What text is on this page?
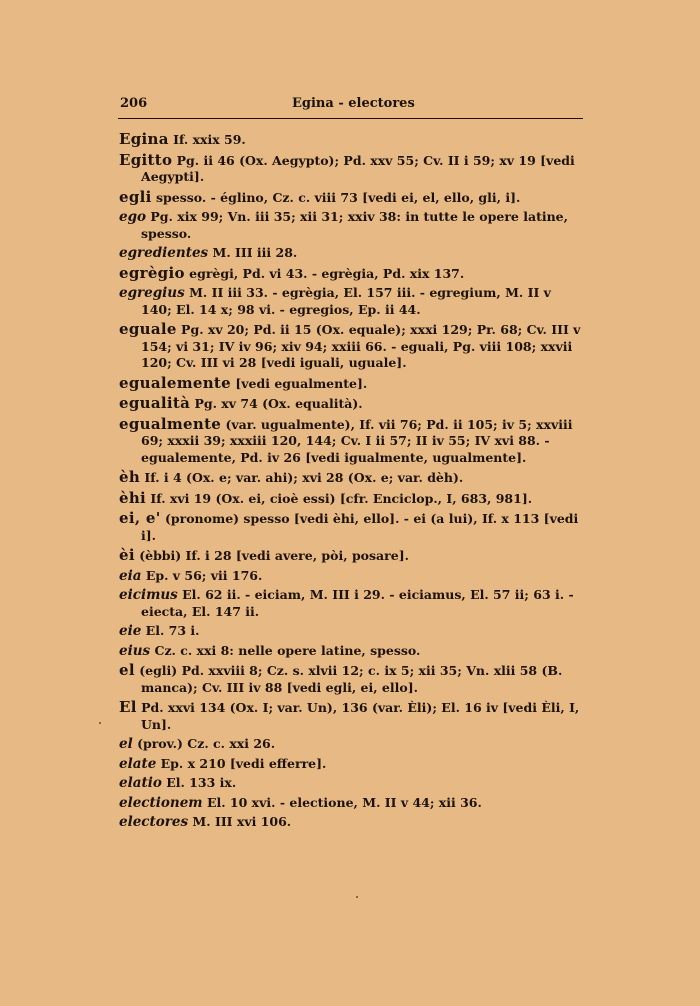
206	Egina - electores
Egina If. xxix 59.
Egitto Pg. ii 46 (Ox. Aegypto); Pd. xxv 55; Cv. II i 59; xv 19 [vedi Aegypti].
egli spesso. - églino, Cz. c. viii 73 [vedi ei, el, ello, gli, i].
ego Pg. xix 99; Vn. iii 35; xii 31; xxiv 38: in tutte le opere latine, spesso.
egredientes M. III iii 28.
egrègio egrègi, Pd. vi 43. - egrègia, Pd. xix 137.
egregius M. II iii 33. - egrègia, El. 157 iii. - egregium, M. II v 140; El. 14 x; 98 vi. - egregios, Ep. ii 44.
eguale Pg. xv 20; Pd. ii 15 (Ox. equale); xxxi 129; Pr. 68; Cv. III v 154; vi 31; IV iv 96; xiv 94; xxiii 66. - eguali, Pg. viii 108; xxvii 120; Cv. III vi 28 [vedi iguali, uguale].
egualemente [vedi egualmente].
egualità Pg. xv 74 (Ox. equalità).
egualmente (var. ugualmente), If. vii 76; Pd. ii 105; iv 5; xxviii 69; xxxii 39; xxxiii 120, 144; Cv. I ii 57; II iv 55; IV xvi 88. - egualemente, Pd. iv 26 [vedi igualmente, ugualmente].
èh If. i 4 (Ox. e; var. ahi); xvi 28 (Ox. e; var. dèh).
èhi If. xvi 19 (Ox. ei, cioè essi) [cfr. Enciclop., I, 683, 981].
ei, e' (pronome) spesso [vedi èhi, ello]. - ei (a lui), If. x 113 [vedi i].
èi (èbbi) If. i 28 [vedi avere, pòi, posare].
eia Ep. v 56; vii 176.
eicimus El. 62 ii. - eiciam, M. III i 29. - eiciamus, El. 57 ii; 63 i. - eiecta, El. 147 ii.
eie El. 73 i.
eius Cz. c. xxi 8: nelle opere latine, spesso.
el (egli) Pd. xxviii 8; Cz. s. xlvii 12; c. ix 5; xii 35; Vn. xlii 58 (B. manca); Cv. III iv 88 [vedi egli, ei, ello].
El Pd. xxvi 134 (Ox. I; var. Un), 136 (var. Èli); El. 16 iv [vedi Èli, I, Un].
el (prov.) Cz. c. xxi 26.
elate Ep. x 210 [vedi efferre].
elatio El. 133 ix.
electionem El. 10 xvi. - electione, M. II v 44; xii 36.
electores M. III xvi 106.
